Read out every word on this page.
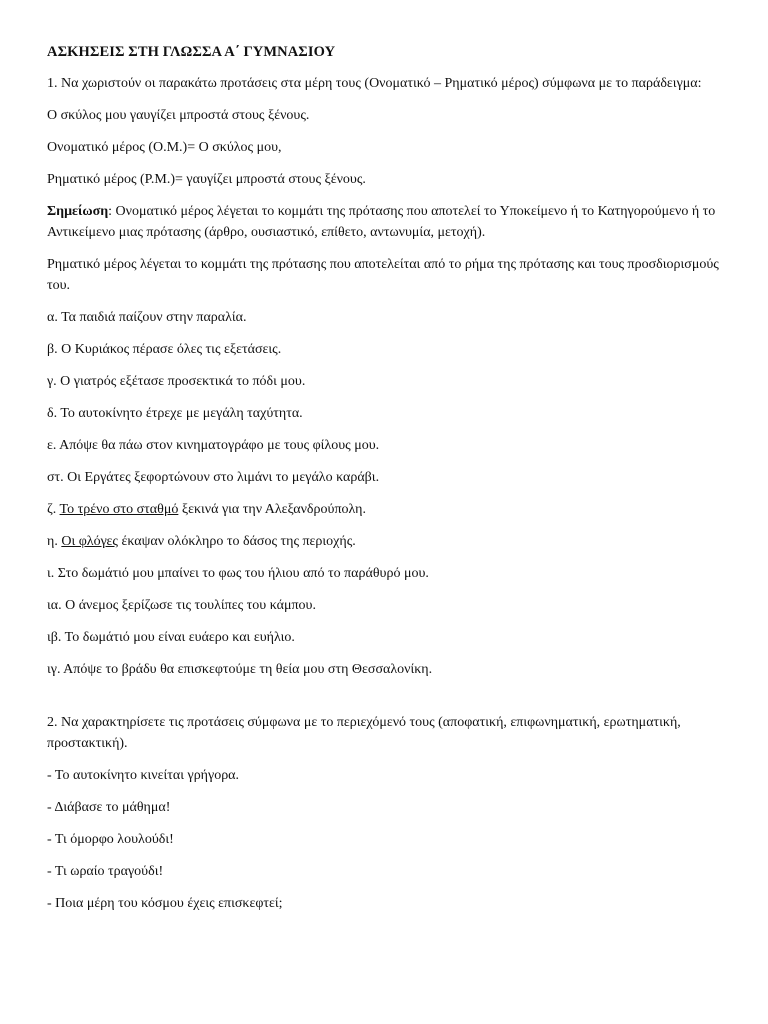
ΑΣΚΗΣΕΙΣ ΣΤΗ ΓΛΩΣΣΑ Α΄ ΓΥΜΝΑΣΙΟΥ

1. Να χωριστούν οι παρακάτω προτάσεις στα μέρη τους (Ονοματικό – Ρηματικό μέρος) σύμφωνα με το παράδειγμα:

Ο σκύλος μου γαυγίζει μπροστά στους ξένους.

Ονοματικό μέρος (Ο.Μ.)= Ο σκύλος μου,

Ρηματικό μέρος (Ρ.Μ.)= γαυγίζει μπροστά στους ξένους.

Σημείωση: Ονοματικό μέρος λέγεται το κομμάτι της πρότασης που αποτελεί το Υποκείμενο ή το Κατηγορούμενο ή το Αντικείμενο μιας πρότασης (άρθρο, ουσιαστικό, επίθετο, αντωνυμία, μετοχή).

Ρηματικό μέρος λέγεται το κομμάτι της πρότασης που αποτελείται από το ρήμα της πρότασης και τους προσδιορισμούς του.

α. Τα παιδιά παίζουν στην παραλία.

β. Ο Κυριάκος πέρασε όλες τις εξετάσεις.

γ. Ο γιατρός εξέτασε προσεκτικά το πόδι μου.

δ. Το αυτοκίνητο έτρεχε με μεγάλη ταχύτητα.

ε. Απόψε θα πάω στον κινηματογράφο με τους φίλους μου.

στ. Οι Εργάτες ξεφορτώνουν στο λιμάνι το μεγάλο καράβι.

ζ. Το τρένο στο σταθμό ξεκινά για την Αλεξανδρούπολη.

η. Οι φλόγες έκαψαν ολόκληρο το δάσος της περιοχής.

ι. Στο δωμάτιό μου μπαίνει το φως του ήλιου από το παράθυρό μου.

ια. Ο άνεμος ξερίζωσε τις τουλίπες του κάμπου.

ιβ. Το δωμάτιό μου είναι ευάερο και ευήλιο.

ιγ. Απόψε το βράδυ θα επισκεφτούμε τη θεία μου στη Θεσσαλονίκη.

2. Να χαρακτηρίσετε τις προτάσεις σύμφωνα με το περιεχόμενό τους (αποφατική, επιφωνηματική, ερωτηματική, προστακτική).

- Το αυτοκίνητο κινείται γρήγορα.

- Διάβασε το μάθημα!

- Τι όμορφο λουλούδι!

- Τι ωραίο τραγούδι!

- Ποια μέρη του κόσμου έχεις επισκεφτεί;
